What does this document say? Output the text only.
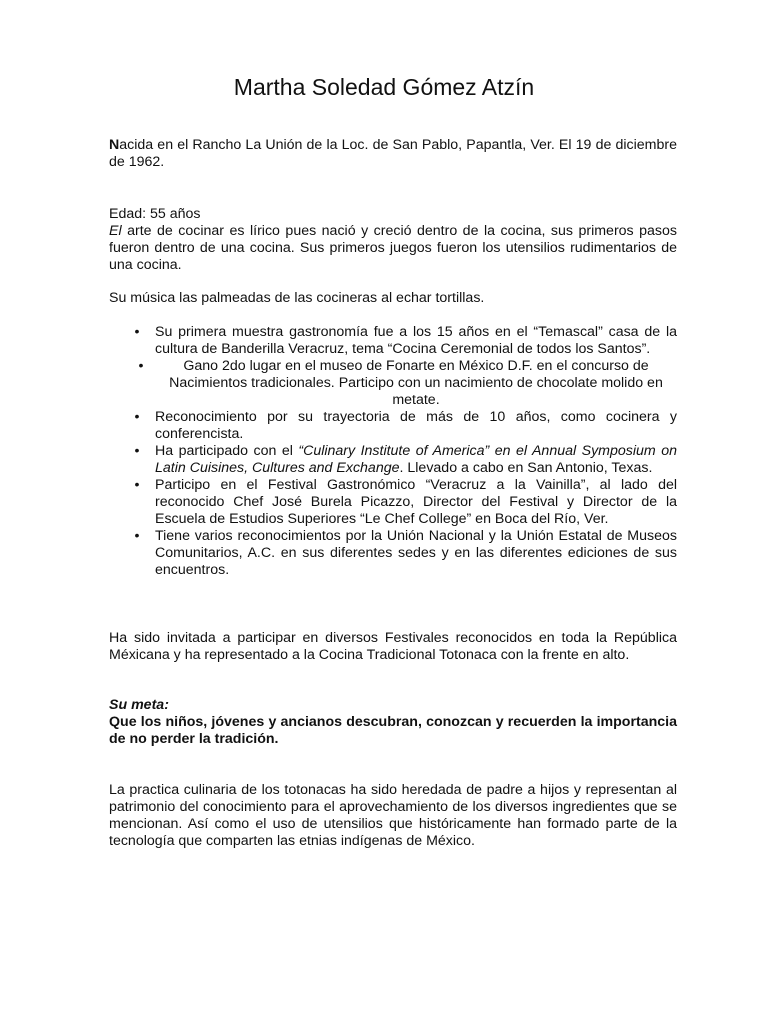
Martha Soledad Gómez Atzín
Nacida en el Rancho La Unión de la Loc. de San Pablo, Papantla, Ver. El 19 de diciembre de 1962.
Edad: 55 años
El arte de cocinar es lírico pues nació y creció dentro de la cocina, sus primeros pasos fueron dentro de una cocina. Sus primeros juegos fueron los utensilios rudimentarios de una cocina.
Su música las palmeadas de las cocineras al echar tortillas.
• Su primera muestra gastronomía fue a los 15 años en el “Temascal” casa de la cultura de Banderilla Veracruz, tema “Cocina Ceremonial de todos los Santos”.
•	Gano 2do lugar en el museo de Fonarte en México D.F. en el concurso de Nacimientos tradicionales. Participo con un nacimiento de chocolate molido en metate.
• Reconocimiento por su trayectoria de más de 10 años, como cocinera y conferencista.
• Ha participado con el “Culinary Institute of America” en el Annual Symposium on Latin Cuisines, Cultures and Exchange. Llevado a cabo en San Antonio, Texas.
• Participo en el Festival Gastronómico “Veracruz a la Vainilla”, al lado del reconocido Chef José Burela Picazzo, Director del Festival y Director de la Escuela de Estudios Superiores “Le Chef College” en Boca del Río, Ver.
• Tiene varios reconocimientos por la Unión Nacional y la Unión Estatal de Museos Comunitarios, A.C. en sus diferentes sedes y en las diferentes ediciones de sus encuentros.
Ha sido invitada a participar en diversos Festivales reconocidos en toda la República Méxicana y ha representado a la Cocina Tradicional Totonaca con la frente en alto.
Su meta:
Que los niños, jóvenes y ancianos descubran, conozcan y recuerden la importancia de no perder la tradición.
La practica culinaria de los totonacas ha sido heredada de padre a hijos y representan al patrimonio del conocimiento para el aprovechamiento de los diversos ingredientes que se mencionan. Así como el uso de utensilios que históricamente han formado parte de la tecnología que comparten las etnias indígenas de México.
